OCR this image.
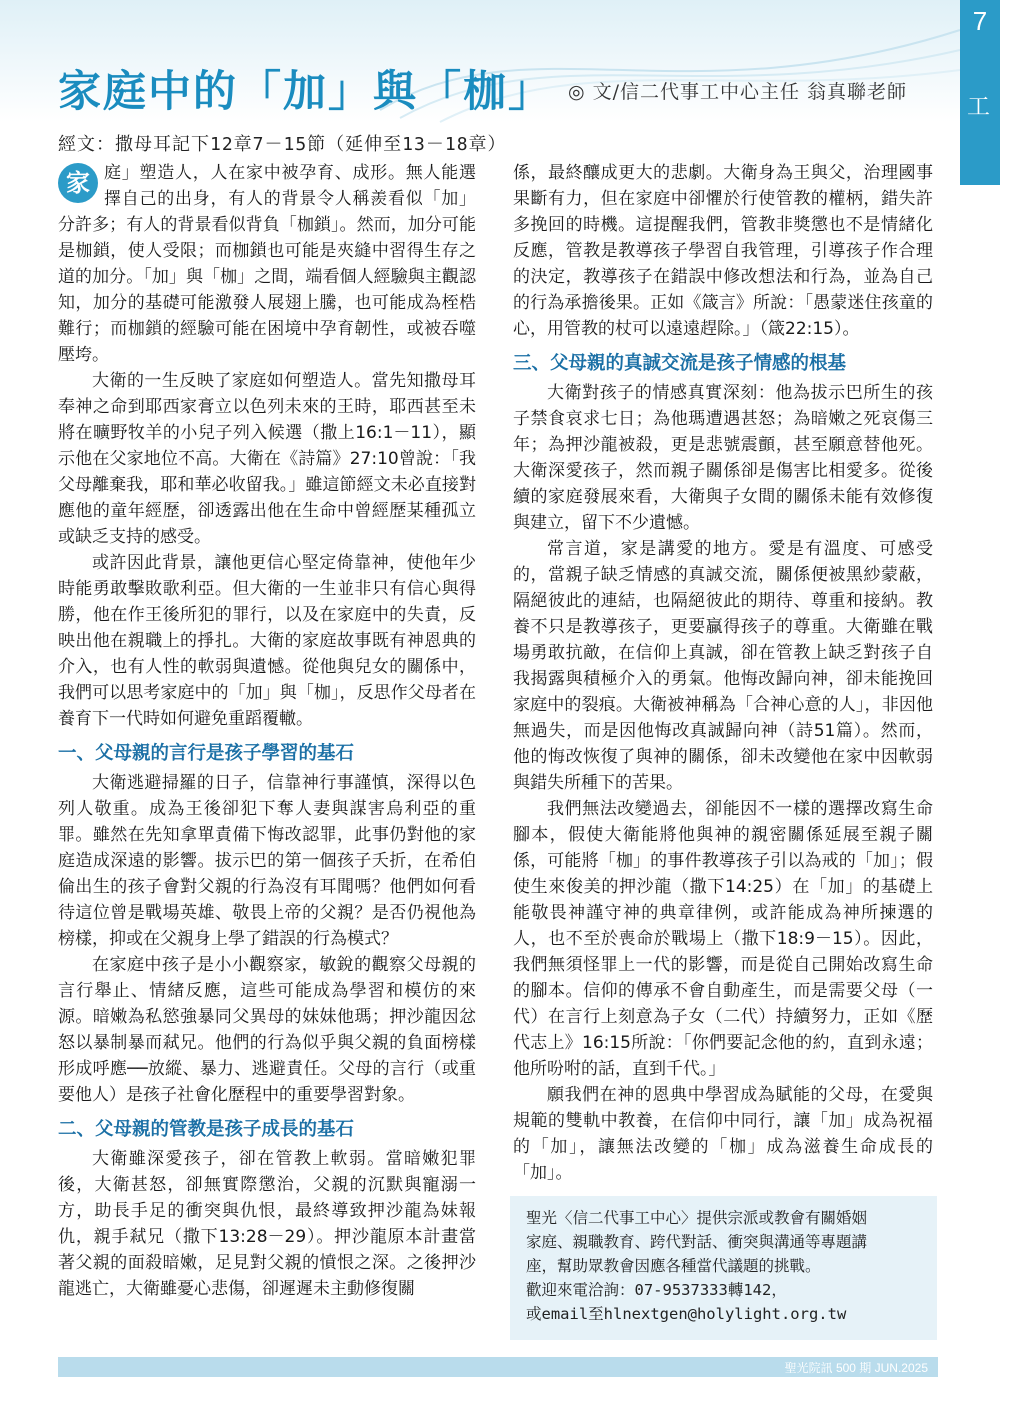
7
信二代事工
家庭中的「加」與「枷」 ◎ 文/信二代事工中心主任 翁真聯老師
經文：撒母耳記下12章7－15節（延伸至13－18章）

家 庭」塑造人，人在家中被孕育、成形。無人能選擇自己的出身，有人的背景令人稱羨看似「加」分許多；有人的背景看似背負「枷鎖」。然而，加分可能是枷鎖，使人受限；而枷鎖也可能是夾縫中習得生存之道的加分。「加」與「枷」之間，端看個人經驗與主觀認知，加分的基礎可能激發人展翅上騰，也可能成為桎梏難行；而枷鎖的經驗可能在困境中孕育韌性，或被吞噬壓垮。

大衛的一生反映了家庭如何塑造人。當先知撒母耳奉神之命到耶西家膏立以色列未來的王時，耶西甚至未將在曠野牧羊的小兒子列入候選（撒上16:1－11），顯示他在父家地位不高。大衛在《詩篇》27:10曾說：「我父母離棄我，耶和華必收留我。」雖這節經文未必直接對應他的童年經歷，卻透露出他在生命中曾經歷某種孤立或缺乏支持的感受。

或許因此背景，讓他更信心堅定倚靠神，使他年少時能勇敢擊敗歌利亞。但大衛的一生並非只有信心與得勝，他在作王後所犯的罪行，以及在家庭中的失責，反映出他在親職上的掙扎。大衛的家庭故事既有神恩典的介入，也有人性的軟弱與遺憾。從他與兒女的關係中，我們可以思考家庭中的「加」與「枷」，反思作父母者在養育下一代時如何避免重蹈覆轍。

一、父母親的言行是孩子學習的基石

大衛逃避掃羅的日子，信靠神行事謹慎，深得以色列人敬重。成為王後卻犯下奪人妻與謀害烏利亞的重罪。雖然在先知拿單責備下悔改認罪，此事仍對他的家庭造成深遠的影響。拔示巴的第一個孩子夭折，在希伯倫出生的孩子會對父親的行為沒有耳聞嗎？他們如何看待這位曾是戰場英雄、敬畏上帝的父親？是否仍視他為榜樣，抑或在父親身上學了錯誤的行為模式？

在家庭中孩子是小小觀察家，敏銳的觀察父母親的言行舉止、情緒反應，這些可能成為學習和模仿的來源。暗嫩為私慾強暴同父異母的妹妹他瑪；押沙龍因忿怒以暴制暴而弒兄。他們的行為似乎與父親的負面榜樣形成呼應──放縱、暴力、逃避責任。父母的言行（或重要他人）是孩子社會化歷程中的重要學習對象。

二、父母親的管教是孩子成長的基石

大衛雖深愛孩子，卻在管教上軟弱。當暗嫩犯罪後，大衛甚怒，卻無實際懲治，父親的沉默與寵溺一方，助長手足的衝突與仇恨，最終導致押沙龍為妹報仇，親手弒兄（撒下13:28－29）。押沙龍原本計畫當著父親的面殺暗嫩，足見對父親的憤恨之深。之後押沙龍逃亡，大衛雖憂心悲傷，卻遲遲未主動修復關

係，最終釀成更大的悲劇。大衛身為王與父，治理國事果斷有力，但在家庭中卻懼於行使管教的權柄，錯失許多挽回的時機。這提醒我們，管教非獎懲也不是情緒化反應，管教是教導孩子學習自我管理，引導孩子作合理的決定，教導孩子在錯誤中修改想法和行為，並為自己的行為承擔後果。正如《箴言》所說：「愚蒙迷住孩童的心，用管教的杖可以遠遠趕除。」（箴22:15）。

三、父母親的真誠交流是孩子情感的根基

大衛對孩子的情感真實深刻：他為拔示巴所生的孩子禁食哀求七日；為他瑪遭遇甚怒；為暗嫩之死哀傷三年；為押沙龍被殺，更是悲號震顫，甚至願意替他死。大衛深愛孩子，然而親子關係卻是傷害比相愛多。從後續的家庭發展來看，大衛與子女間的關係未能有效修復與建立，留下不少遺憾。

常言道，家是講愛的地方。愛是有溫度、可感受的，當親子缺乏情感的真誠交流，關係便被黑紗蒙蔽，隔絕彼此的連結，也隔絕彼此的期待、尊重和接納。教養不只是教導孩子，更要贏得孩子的尊重。大衛雖在戰場勇敢抗敵，在信仰上真誠，卻在管教上缺乏對孩子自我揭露與積極介入的勇氣。他悔改歸向神，卻未能挽回家庭中的裂痕。大衛被神稱為「合神心意的人」，非因他無過失，而是因他悔改真誠歸向神（詩51篇）。然而，他的悔改恢復了與神的關係，卻未改變他在家中因軟弱與錯失所種下的苦果。

我們無法改變過去，卻能因不一樣的選擇改寫生命腳本，假使大衛能將他與神的親密關係延展至親子關係，可能將「枷」的事件教導孩子引以為戒的「加」；假使生來俊美的押沙龍（撒下14:25）在「加」的基礎上能敬畏神謹守神的典章律例，或許能成為神所揀選的人，也不至於喪命於戰場上（撒下18:9－15）。因此，我們無須怪罪上一代的影響，而是從自己開始改寫生命的腳本。信仰的傳承不會自動產生，而是需要父母（一代）在言行上刻意為子女（二代）持續努力，正如《歷代志上》16:15所說：「你們要記念他的約，直到永遠；他所吩咐的話，直到千代。」

願我們在神的恩典中學習成為賦能的父母，在愛與規範的雙軌中教養，在信仰中同行，讓「加」成為祝福的「加」，讓無法改變的「枷」成為滋養生命成長的「加」。

聖光〈信二代事工中心〉提供宗派或教會有關婚姻
家庭、親職教育、跨代對話、衝突與溝通等專題講
座，幫助眾教會因應各種當代議題的挑戰。
歡迎來電洽詢：07-9537333轉142，
或email至hlnextgen@holylight.org.tw
聖光院訊 500 期 JUN.2025
